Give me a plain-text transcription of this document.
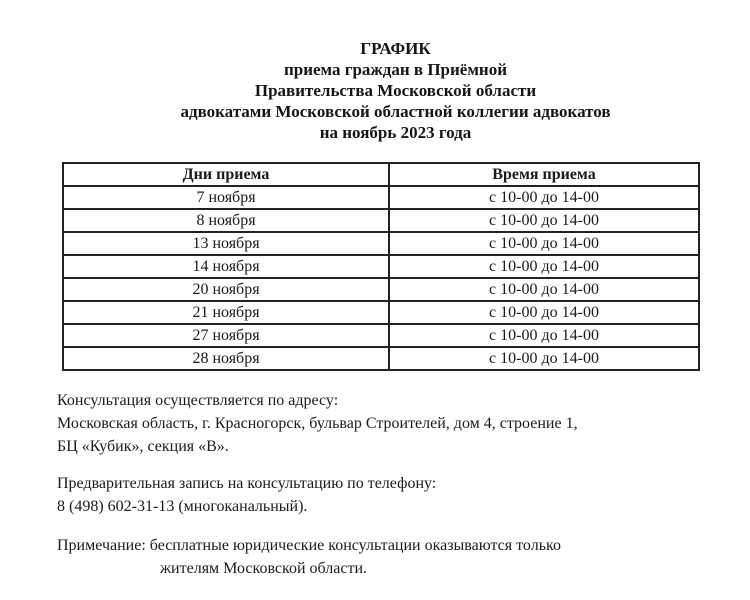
ГРАФИК
приема граждан в Приёмной
Правительства Московской области
адвокатами Московской областной коллегии адвокатов
на ноябрь 2023 года
Дни приема	Время приема
7 ноября	с 10-00 до 14-00
8 ноября	с 10-00 до 14-00
13 ноября	с 10-00 до 14-00
14 ноября	с 10-00 до 14-00
20 ноября	с 10-00 до 14-00
21 ноября	с 10-00 до 14-00
27 ноября	с 10-00 до 14-00
28 ноября	с 10-00 до 14-00
Консультация осуществляется по адресу:
Московская область, г. Красногорск, бульвар Строителей, дом 4, строение 1,
БЦ «Кубик», секция «В».
Предварительная запись на консультацию по телефону:
8 (498) 602-31-13 (многоканальный).
Примечание: бесплатные юридические консультации оказываются только
жителям Московской области.
